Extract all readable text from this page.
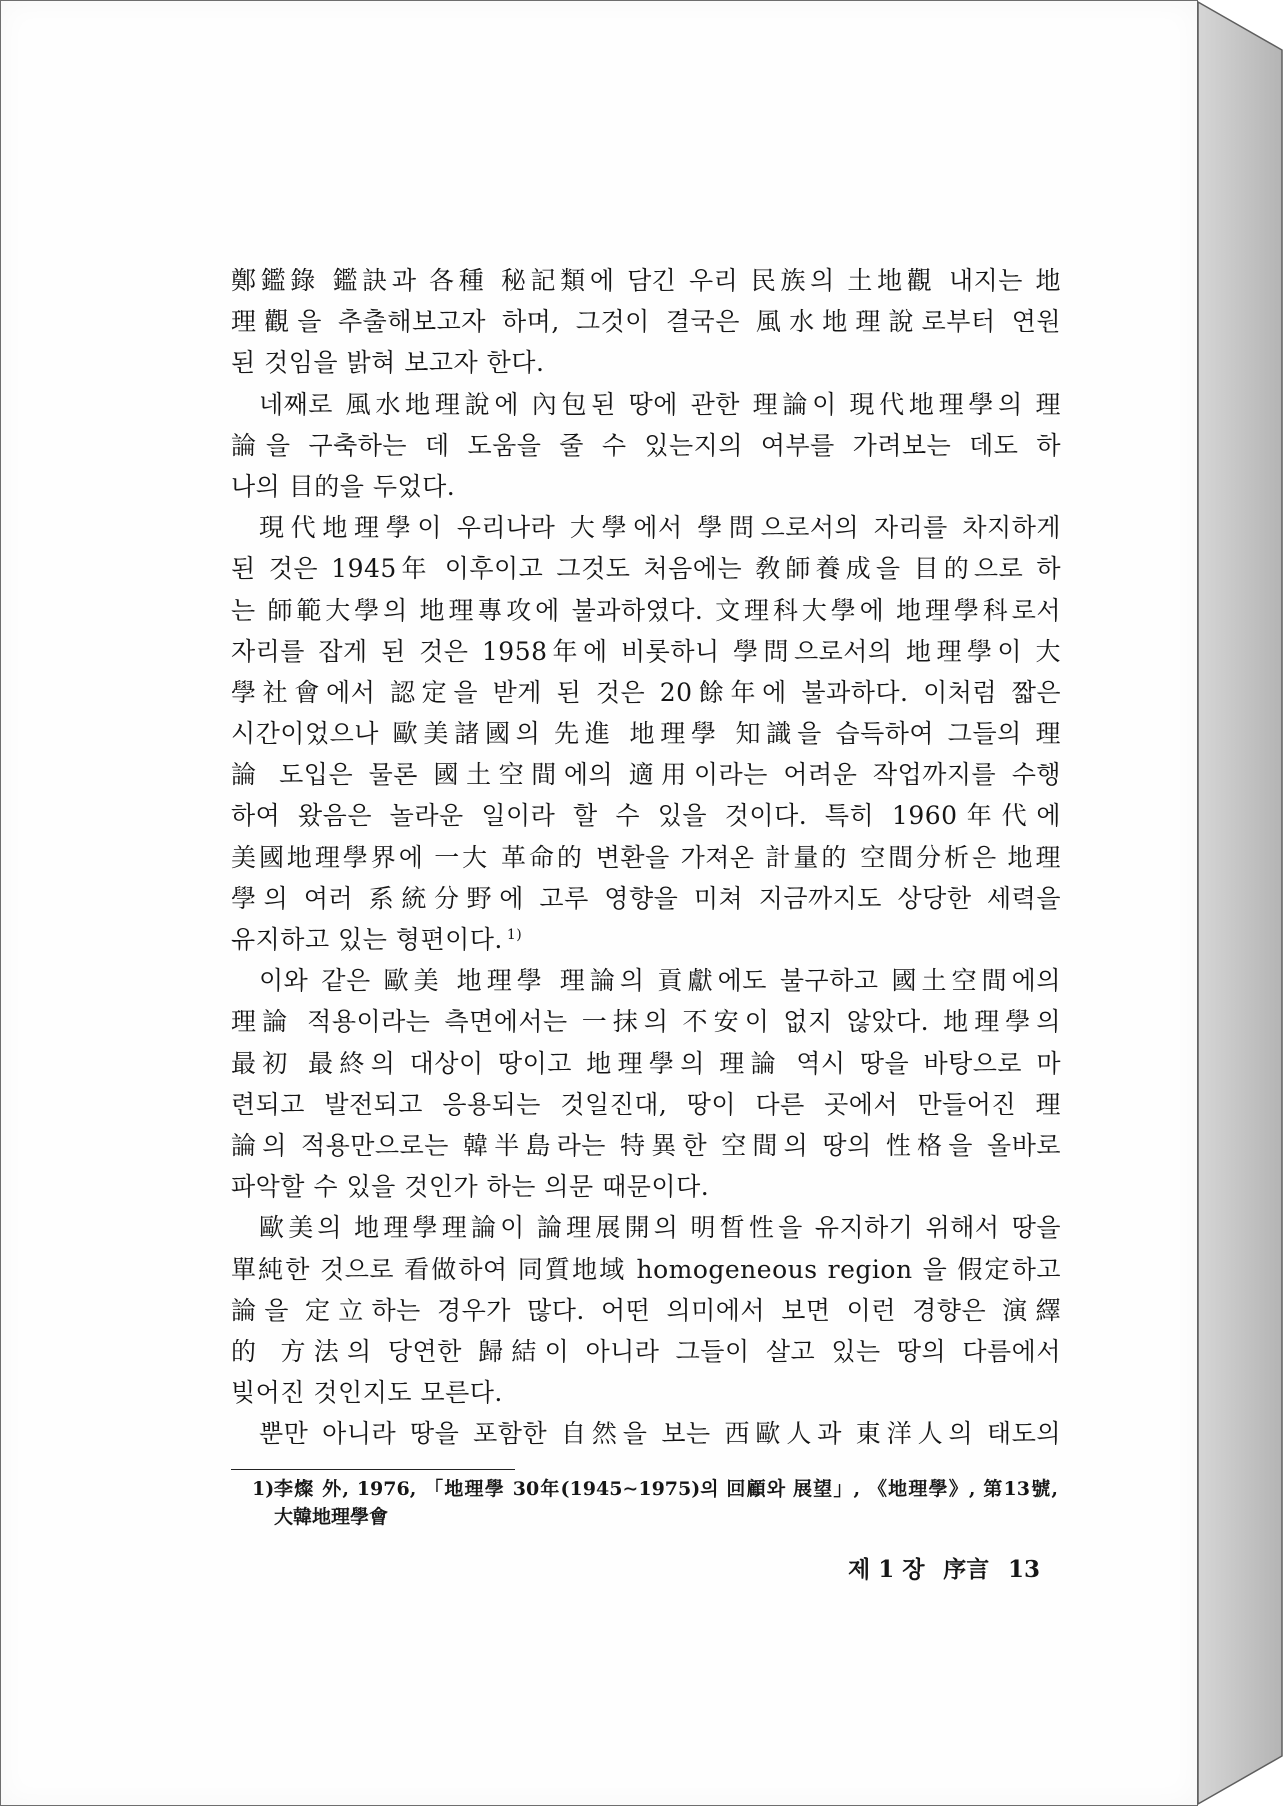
鄭鑑錄 鑑訣과 各種 秘記類에 담긴 우리 民族의 土地觀 내지는 地
理觀을 추출해보고자 하며, 그것이 결국은 風水地理說로부터 연원
된 것임을 밝혀 보고자 한다.
네째로 風水地理說에 內包된 땅에 관한 理論이 現代地理學의 理
論을 구축하는 데 도움을 줄 수 있는지의 여부를 가려보는 데도 하
나의 目的을 두었다.
現代地理學이 우리나라 大學에서 學問으로서의 자리를 차지하게
된 것은 1945年 이후이고 그것도 처음에는 敎師養成을 目的으로 하
는 師範大學의 地理專攻에 불과하였다. 文理科大學에 地理學科로서
자리를 잡게 된 것은 1958年에 비롯하니 學問으로서의 地理學이 大
學社會에서 認定을 받게 된 것은 20餘年에 불과하다. 이처럼 짧은
시간이었으나 歐美諸國의 先進 地理學 知識을 습득하여 그들의 理
論 도입은 물론 國土空間에의 適用이라는 어려운 작업까지를 수행
하여 왔음은 놀라운 일이라 할 수 있을 것이다. 특히 1960年代에
美國地理學界에 一大 革命的 변환을 가져온 計量的 空間分析은 地理
學의 여러 系統分野에 고루 영향을 미쳐 지금까지도 상당한 세력을
유지하고 있는 형편이다. $^{1)}$
이와 같은 歐美 地理學 理論의 貢獻에도 불구하고 國土空間에의
理論 적용이라는 측면에서는 一抹의 不安이 없지 않았다. 地理學의
最初 最終의 대상이 땅이고 地理學의 理論 역시 땅을 바탕으로 마
련되고 발전되고 응용되는 것일진대, 땅이 다른 곳에서 만들어진 理
論의 적용만으로는 韓半島라는 特異한 空間의 땅의 性格을 올바로
파악할 수 있을 것인가 하는 의문 때문이다.
歐美의 地理學理論이 論理展開의 明晳性을 유지하기 위해서 땅을
單純한 것으로 看做하여 同質地域 homogeneous region 을 假定하고
論을 定立하는 경우가 많다. 어떤 의미에서 보면 이런 경향은 演繹
的 方法의 당연한 歸結이 아니라 그들이 살고 있는 땅의 다름에서
빚어진 것인지도 모른다.
뿐만 아니라 땅을 포함한 自然을 보는 西歐人과 東洋人의 태도의
1) 李燦 外, 1976, 「地理學 30年(1945∼1975)의 回顧와 展望」, 《地理學》, 第13號,
大韓地理學會
제 1 장 序言 13
